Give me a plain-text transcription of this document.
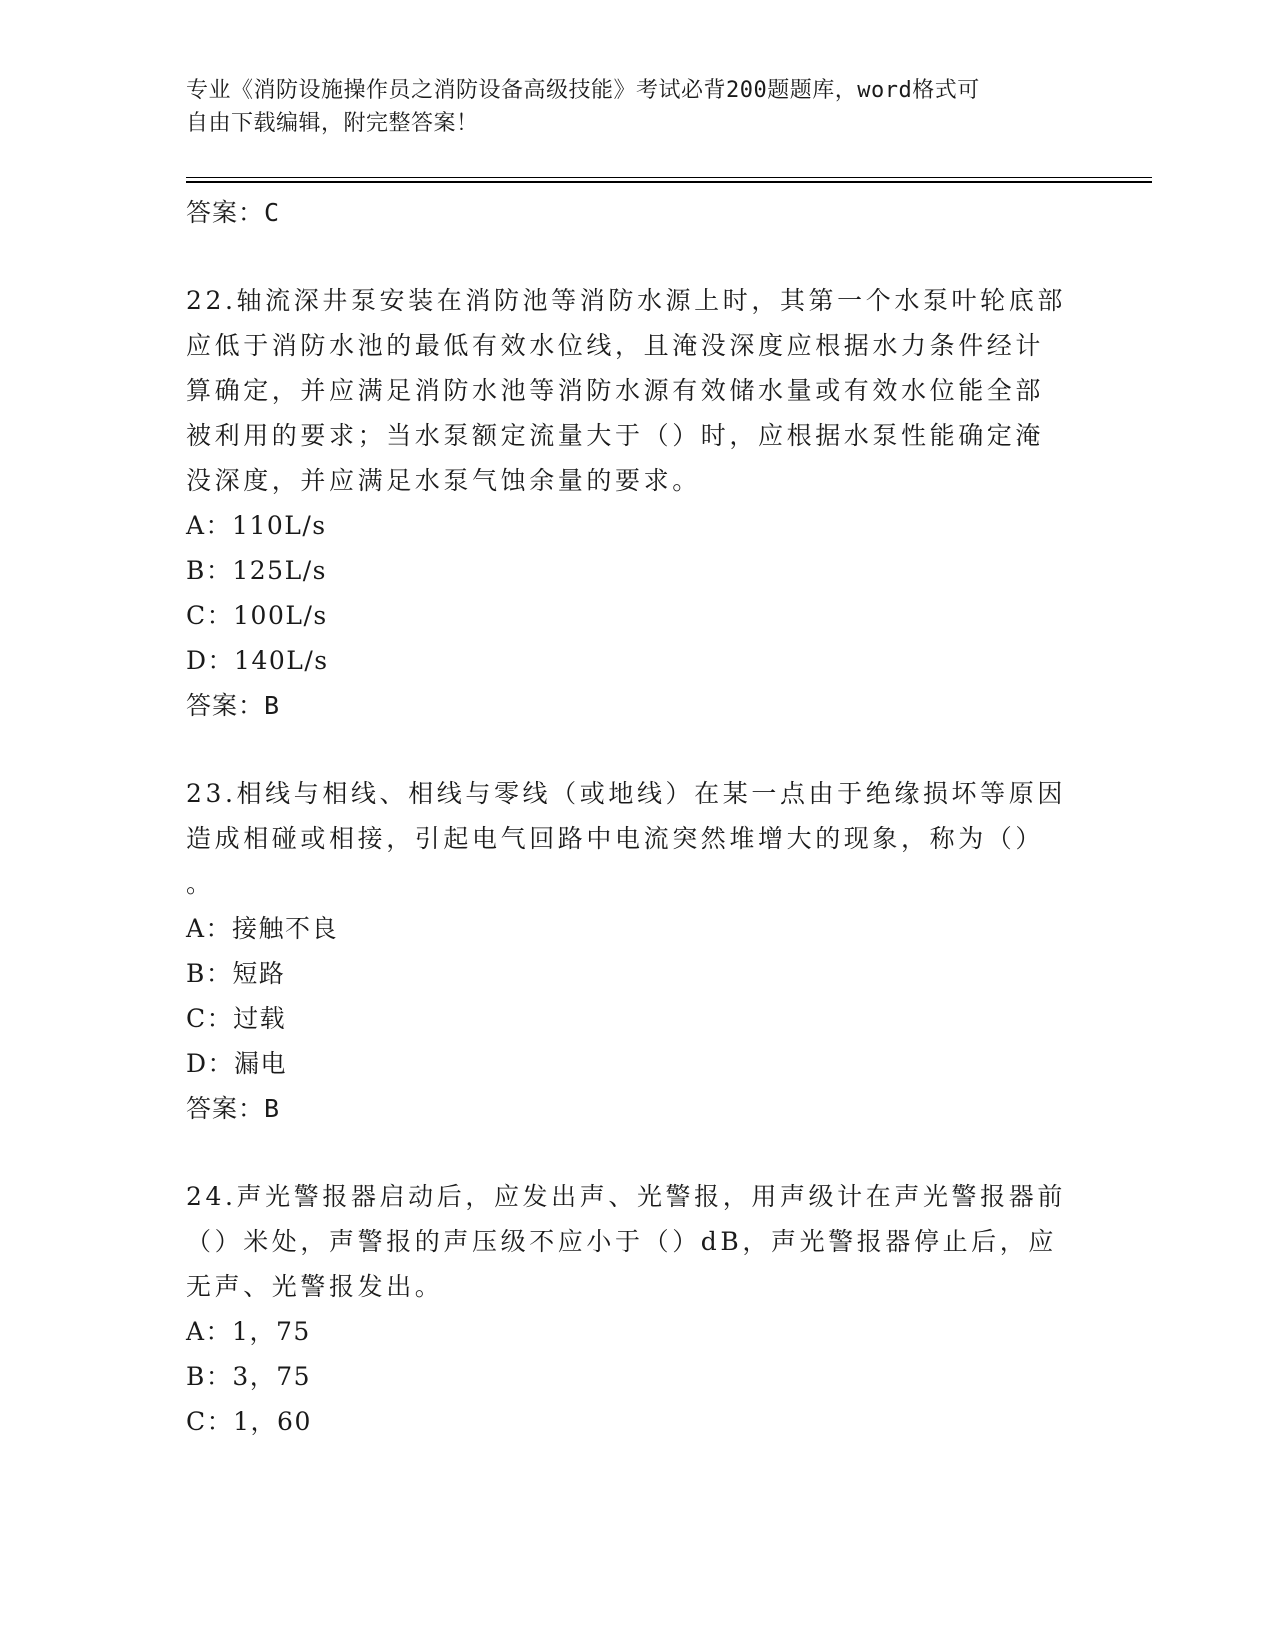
专业《消防设施操作员之消防设备高级技能》考试必背200题题库，word格式可
自由下载编辑，附完整答案！
答案：C
22.轴流深井泵安装在消防池等消防水源上时，其第一个水泵叶轮底部
应低于消防水池的最低有效水位线，且淹没深度应根据水力条件经计
算确定，并应满足消防水池等消防水源有效储水量或有效水位能全部
被利用的要求；当水泵额定流量大于（）时，应根据水泵性能确定淹
没深度，并应满足水泵气蚀余量的要求。
A：110L/s
B：125L/s
C：100L/s
D：140L/s
答案：B
23.相线与相线、相线与零线（或地线）在某一点由于绝缘损坏等原因
造成相碰或相接，引起电气回路中电流突然堆增大的现象，称为（）
。
A：接触不良
B：短路
C：过载
D：漏电
答案：B
24.声光警报器启动后，应发出声、光警报，用声级计在声光警报器前
（）米处，声警报的声压级不应小于（）dB，声光警报器停止后，应
无声、光警报发出。
A：1，75
B：3，75
C：1，60
